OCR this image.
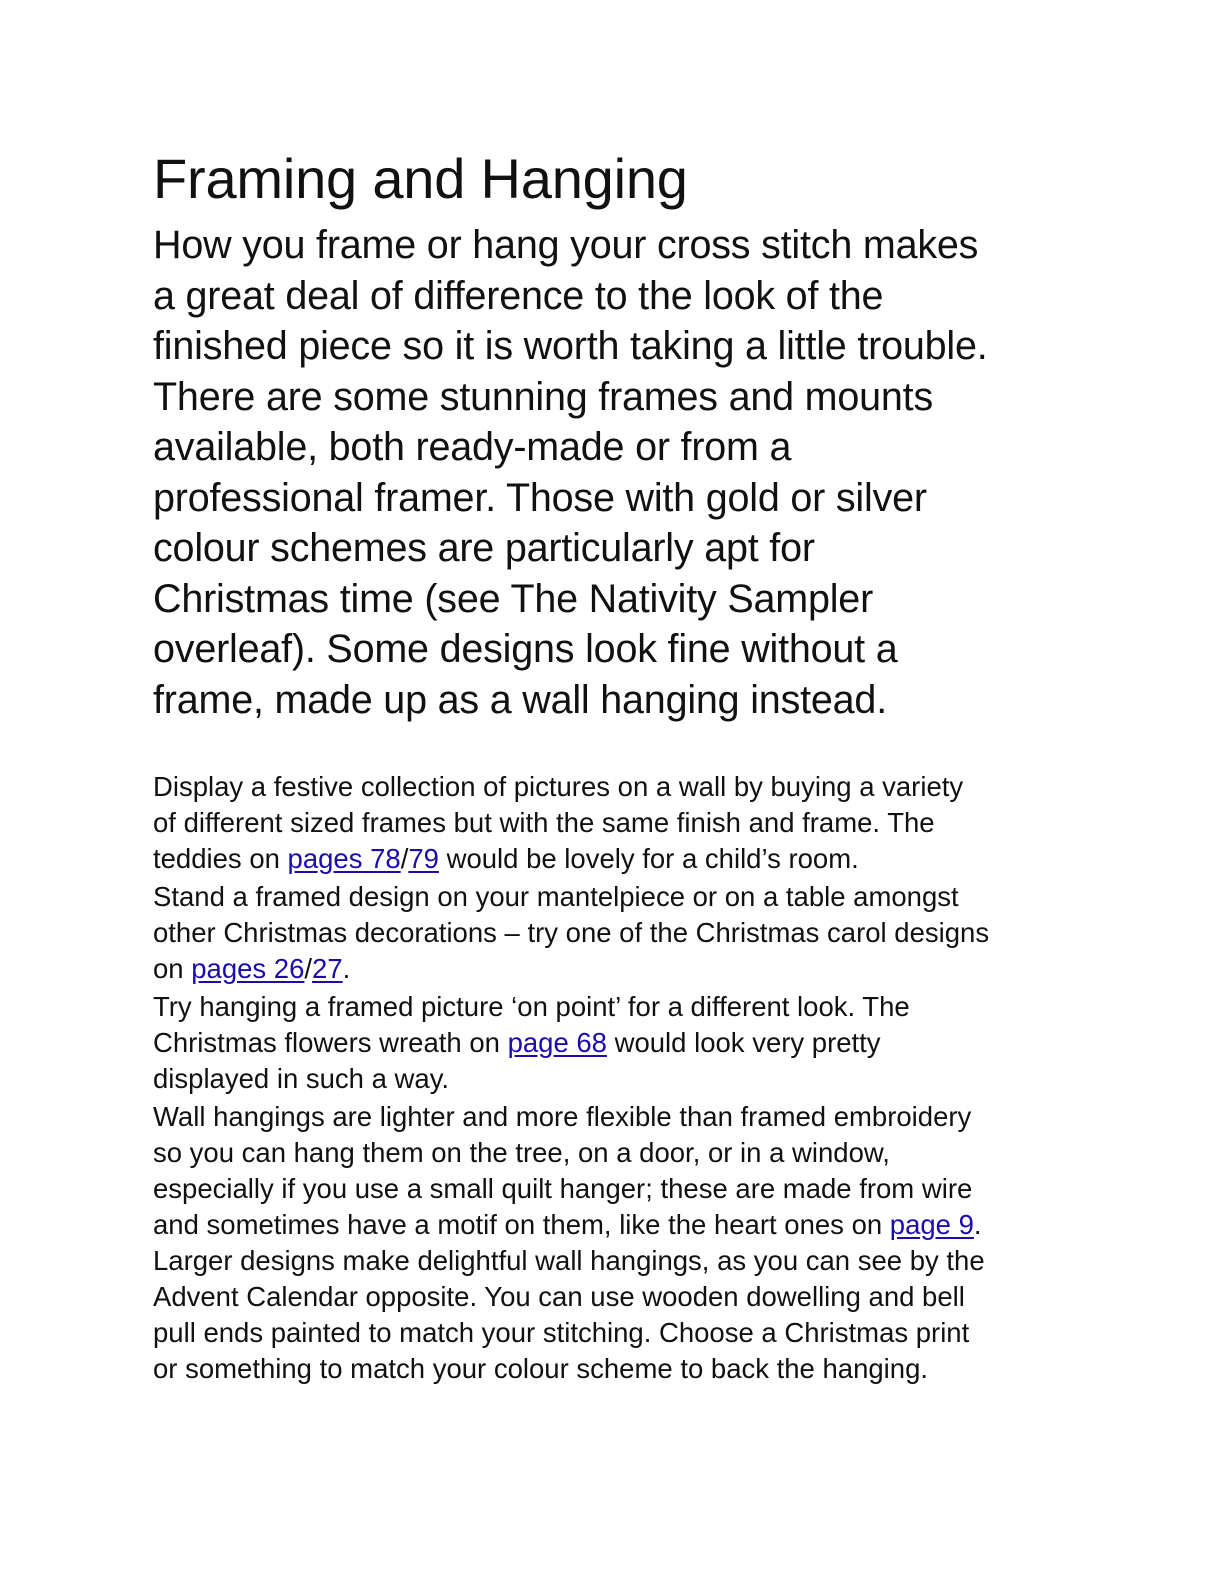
Framing and Hanging
How you frame or hang your cross stitch makes
a great deal of difference to the look of the
finished piece so it is worth taking a little trouble.
There are some stunning frames and mounts
available, both ready-made or from a
professional framer. Those with gold or silver
colour schemes are particularly apt for
Christmas time (see The Nativity Sampler
overleaf). Some designs look fine without a
frame, made up as a wall hanging instead.
Display a festive collection of pictures on a wall by buying a variety
of different sized frames but with the same finish and frame. The
teddies on pages 78/79 would be lovely for a child’s room.
Stand a framed design on your mantelpiece or on a table amongst
other Christmas decorations – try one of the Christmas carol designs
on pages 26/27.
Try hanging a framed picture ‘on point’ for a different look. The
Christmas flowers wreath on page 68 would look very pretty
displayed in such a way.
Wall hangings are lighter and more flexible than framed embroidery
so you can hang them on the tree, on a door, or in a window,
especially if you use a small quilt hanger; these are made from wire
and sometimes have a motif on them, like the heart ones on page 9.
Larger designs make delightful wall hangings, as you can see by the
Advent Calendar opposite. You can use wooden dowelling and bell
pull ends painted to match your stitching. Choose a Christmas print
or something to match your colour scheme to back the hanging.
